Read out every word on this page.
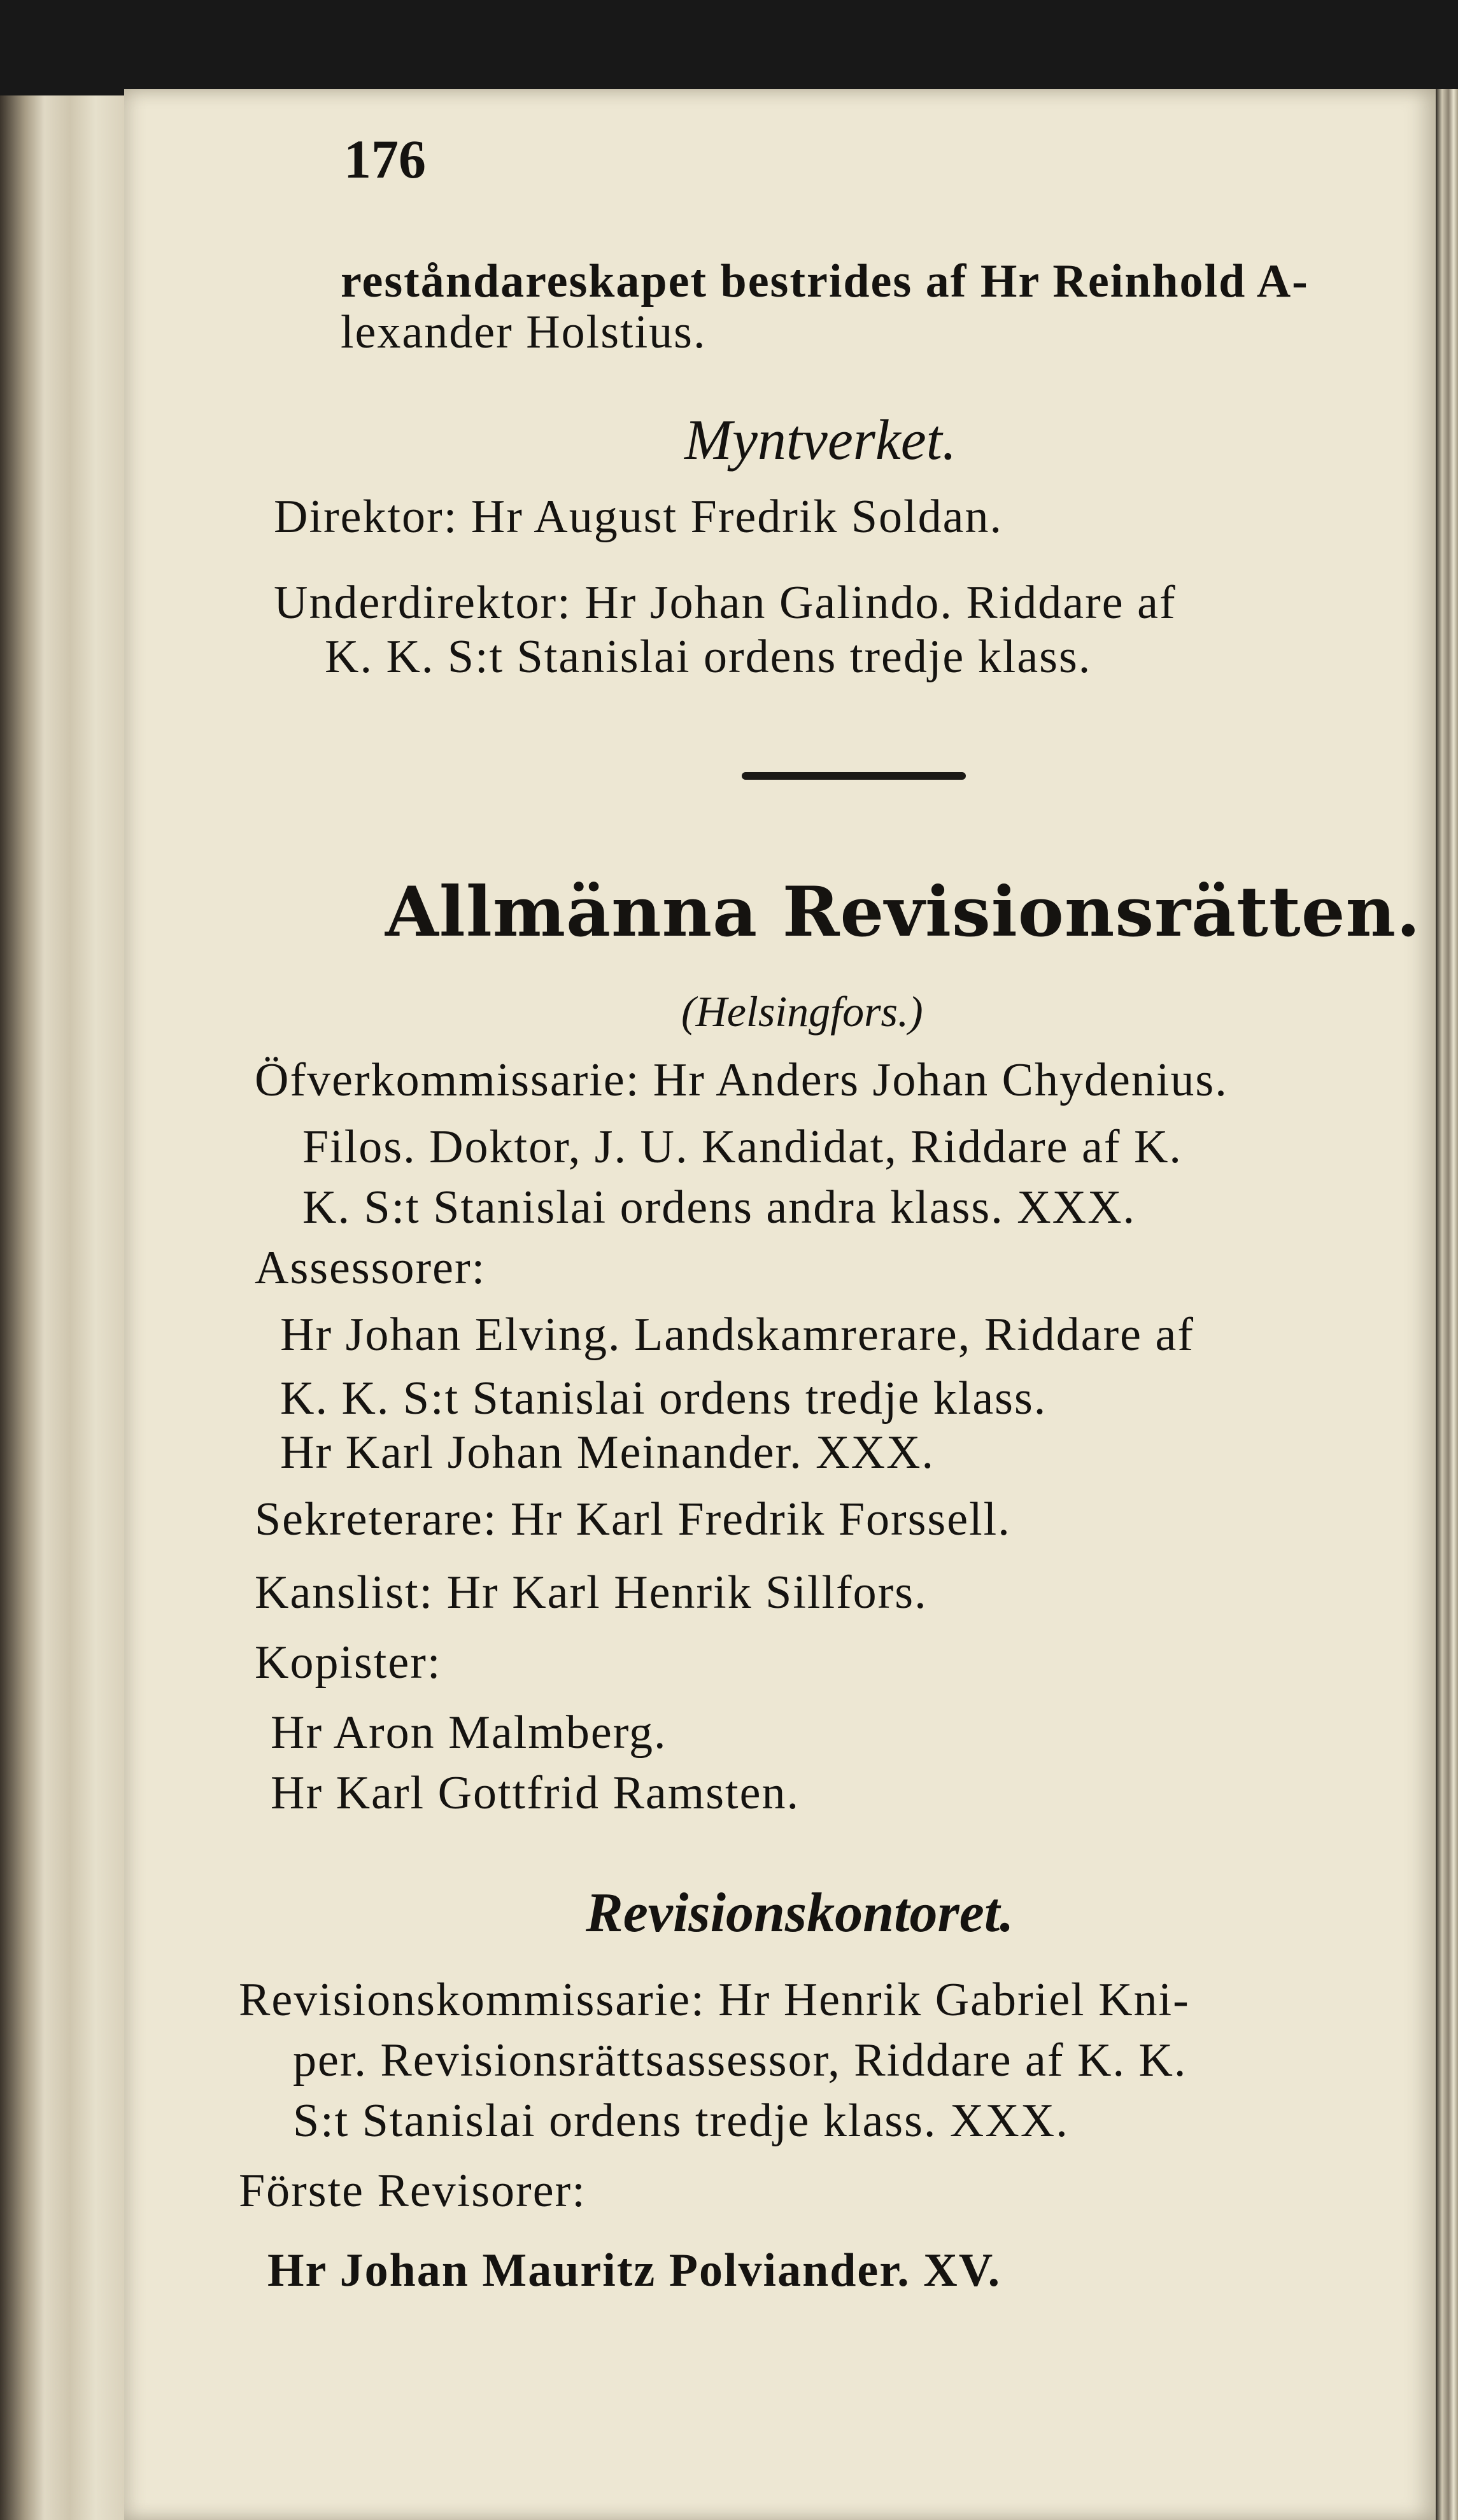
176
reståndareskapet bestrides af Hr Reinhold A-
lexander Holstius.
Myntverket.
Direktor: Hr August Fredrik Soldan.
Underdirektor: Hr Johan Galindo. Riddare af
K. K. S:t Stanislai ordens tredje klass.
Allmänna Revisionsrätten.
(Helsingfors.)
Öfverkommissarie: Hr Anders Johan Chydenius.
Filos. Doktor, J. U. Kandidat, Riddare af K.
K. S:t Stanislai ordens andra klass. XXX.
Assessorer:
Hr Johan Elving. Landskamrerare, Riddare af
K. K. S:t Stanislai ordens tredje klass.
Hr Karl Johan Meinander. XXX.
Sekreterare: Hr Karl Fredrik Forssell.
Kanslist: Hr Karl Henrik Sillfors.
Kopister:
Hr Aron Malmberg.
Hr Karl Gottfrid Ramsten.
Revisionskontoret.
Revisionskommissarie: Hr Henrik Gabriel Kni-
per. Revisionsrättsassessor, Riddare af K. K.
S:t Stanislai ordens tredje klass. XXX.
Förste Revisorer:
Hr Johan Mauritz Polviander. XV.
